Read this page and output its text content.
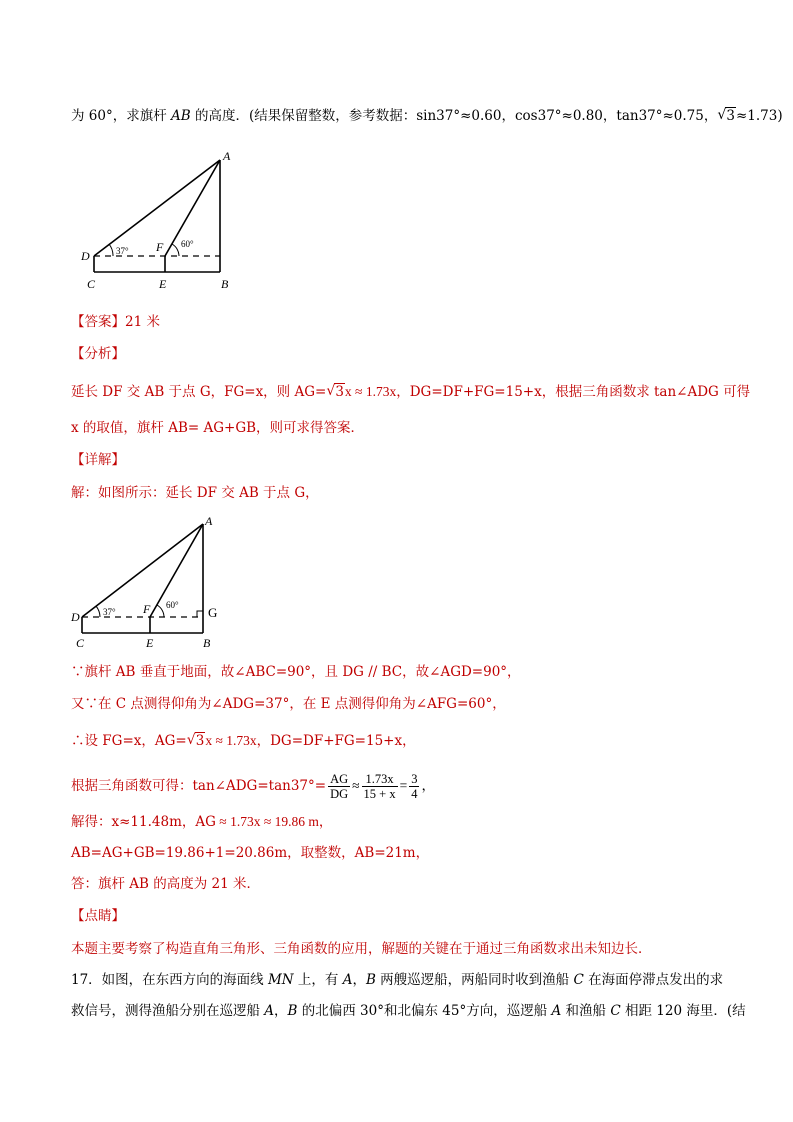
为 60°，求旗杆 AB 的高度．(结果保留整数，参考数据：sin37°≈0.60，cos37°≈0.80，tan37°≈0.75， √ 3≈1.73)
A
B
C
D
E
F
37°
60°
【答案】21 米
【分析】
延长 DF 交 AB 于点 G，FG=x，则 AG= √ 3x ≈ 1.73x，DG=DF+FG=15+x，根据三角函数求 tan∠ADG 可得
x 的取值，旗杆 AB= AG+GB，则可求得答案．
【详解】
解：如图所示：延长 DF 交 AB 于点 G，
A
B
C
D
E
F	G
37°
60°
∵旗杆 AB 垂直于地面，故∠ABC=90°，且 DG // BC，故∠AGD=90°，
又∵在 C 点测得仰角为∠ADG=37°，在 E 点测得仰角为∠AFG=60°，
∴设 FG=x，AG= √ 3x ≈ 1.73x，DG=DF+FG=15+x，
根据三角函数可得：tan∠ADG=tan37°= $\frac{AG}{DG} \approx \frac{1.73x}{15 + x} = \frac{3}{4}$ ，
解得：x≈11.48m，AG ≈ 1.73x ≈ 19.86 m，
AB=AG+GB=19.86+1=20.86m，取整数，AB=21m，
答：旗杆 AB 的高度为 21 米．
【点睛】
本题主要考察了构造直角三角形、三角函数的应用，解题的关键在于通过三角函数求出未知边长．
17．如图，在东西方向的海面线 MN 上，有 A，B 两艘巡逻船，两船同时收到渔船 C 在海面停滞点发出的求
救信号，测得渔船分别在巡逻船 A，B 的北偏西 30°和北偏东 45°方向，巡逻船 A 和渔船 C 相距 120 海里．(结
